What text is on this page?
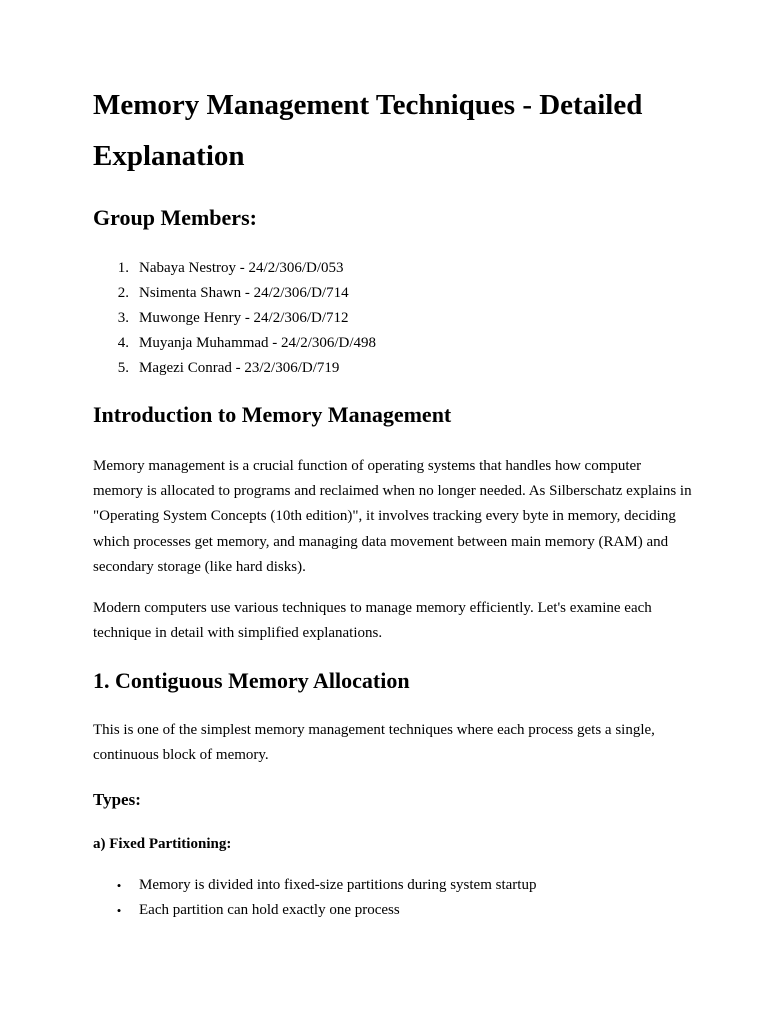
Memory Management Techniques - Detailed Explanation
Group Members:
1. Nabaya Nestroy - 24/2/306/D/053
2. Nsimenta Shawn - 24/2/306/D/714
3. Muwonge Henry - 24/2/306/D/712
4. Muyanja Muhammad - 24/2/306/D/498
5. Magezi Conrad - 23/2/306/D/719
Introduction to Memory Management

Memory management is a crucial function of operating systems that handles how computer memory is allocated to programs and reclaimed when no longer needed. As Silberschatz explains in "Operating System Concepts (10th edition)", it involves tracking every byte in memory, deciding which processes get memory, and managing data movement between main memory (RAM) and secondary storage (like hard disks).

Modern computers use various techniques to manage memory efficiently. Let's examine each technique in detail with simplified explanations.

1. Contiguous Memory Allocation

This is one of the simplest memory management techniques where each process gets a single, continuous block of memory.

Types:
a) Fixed Partitioning:
• Memory is divided into fixed-size partitions during system startup
• Each partition can hold exactly one process
